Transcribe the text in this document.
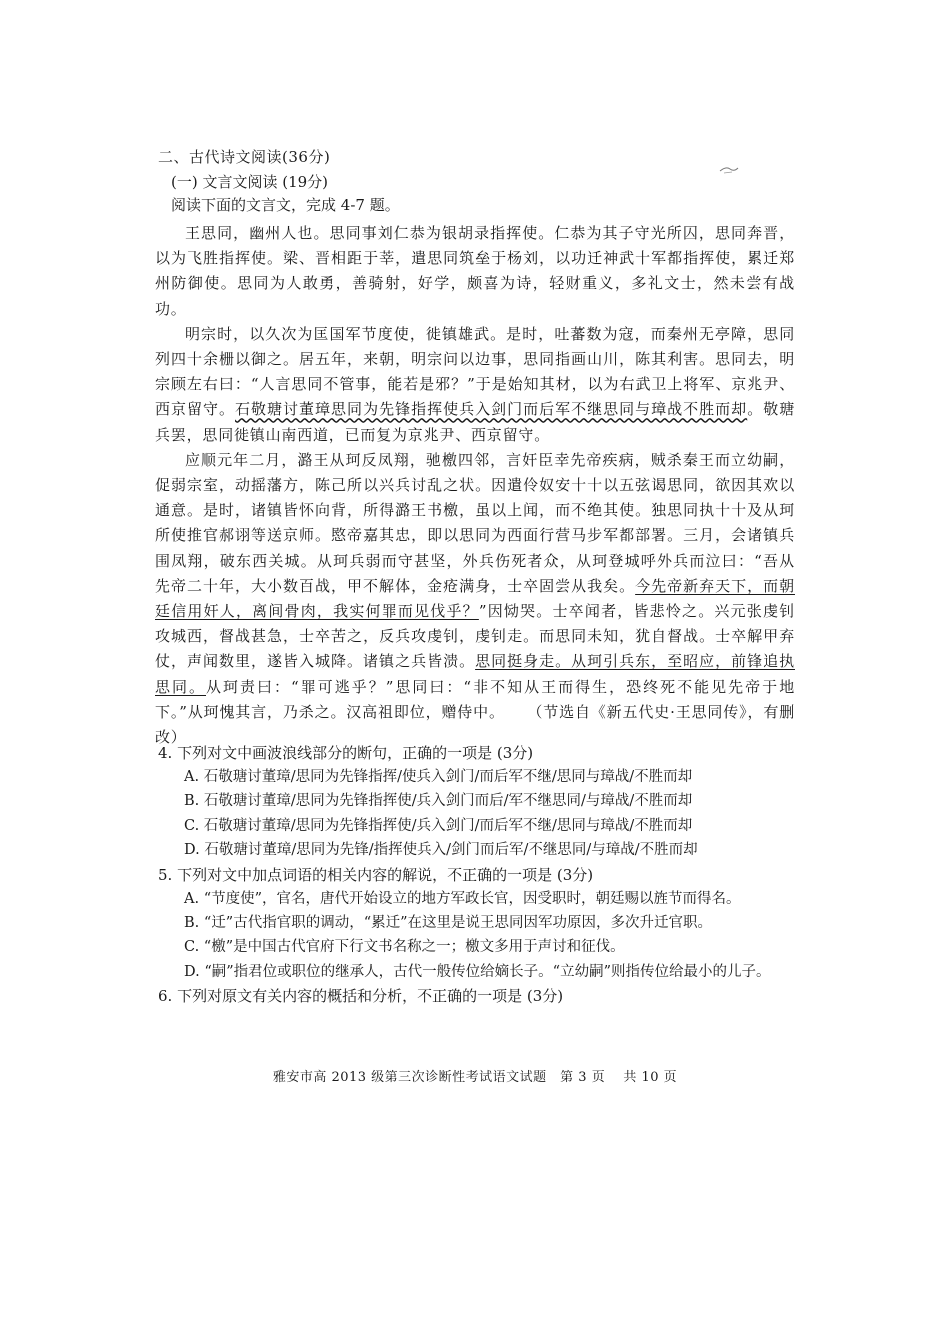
二、古代诗文阅读(36分)
(一) 文言文阅读 (19分)
阅读下面的文言文，完成 4-7 题。

王思同，幽州人也。思同事刘仁恭为银胡录指挥使。仁恭为其子守光所囚，思同奔晋，以为飞胜指挥使。梁、晋相距于莘，遣思同筑垒于杨刘，以功迁神武十军都指挥使，累迁郑州防御使。思同为人敢勇，善骑射，好学，颇喜为诗，轻财重义，多礼文士，然未尝有战功。

明宗时，以久次为匡国军节度使，徙镇雄武。是时，吐蕃数为寇，而秦州无亭障，思同列四十余栅以御之。居五年，来朝，明宗问以边事，思同指画山川，陈其利害。思同去，明宗顾左右曰：“人言思同不管事，能若是邪？”于是始知其材，以为右武卫上将军、京兆尹、西京留守。石敬瑭讨董璋思同为先锋指挥使兵入剑门而后军不继思同与璋战不胜而却。敬瑭兵罢，思同徙镇山南西道，已而复为京兆尹、西京留守。

应顺元年二月，潞王从珂反凤翔，驰檄四邻，言奸臣幸先帝疾病，贼杀秦王而立幼嗣，促弱宗室，动摇藩方，陈己所以兴兵讨乱之状。因遣伶奴安十十以五弦谒思同，欲因其欢以通意。是时，诸镇皆怀向背，所得潞王书檄，虽以上闻，而不绝其使。独思同执十十及从珂所使推官郝诩等送京师。愍帝嘉其忠，即以思同为西面行营马步军都部署。三月，会诸镇兵围凤翔，破东西关城。从珂兵弱而守甚坚，外兵伤死者众，从珂登城呼外兵而泣曰：“吾从先帝二十年，大小数百战，甲不解体，金疮满身，士卒固尝从我矣。今先帝新弃天下，而朝廷信用奸人，离间骨肉，我实何罪而见伐乎？”因恸哭。士卒闻者，皆悲怜之。兴元张虔钊攻城西，督战甚急，士卒苦之，反兵攻虔钊，虔钊走。而思同未知，犹自督战。士卒解甲弃仗，声闻数里，遂皆入城降。诸镇之兵皆溃。思同挺身走。从珂引兵东，至昭应，前锋追执思同。从珂责曰：“罪可逃乎？”思同曰：“非不知从王而得生，恐终死不能见先帝于地下。”从珂愧其言，乃杀之。汉高祖即位，赠侍中。 （节选自《新五代史·王思同传》，有删改）

4. 下列对文中画波浪线部分的断句，正确的一项是 (3分)

A. 石敬瑭讨董璋/思同为先锋指挥/使兵入剑门/而后军不继/思同与璋战/不胜而却

B. 石敬瑭讨董璋/思同为先锋指挥使/兵入剑门而后/军不继思同/与璋战/不胜而却

C. 石敬瑭讨董璋/思同为先锋指挥使/兵入剑门/而后军不继/思同与璋战/不胜而却

D. 石敬瑭讨董璋/思同为先锋/指挥使兵入/剑门而后军/不继思同/与璋战/不胜而却

5. 下列对文中加点词语的相关内容的解说，不正确的一项是 (3分)

A. “节度使”，官名，唐代开始设立的地方军政长官，因受职时，朝廷赐以旌节而得名。

B. “迁”古代指官职的调动，“累迁”在这里是说王思同因军功原因，多次升迁官职。

C. “檄”是中国古代官府下行文书名称之一；檄文多用于声讨和征伐。

D. “嗣”指君位或职位的继承人，古代一般传位给嫡长子。“立幼嗣”则指传位给最小的儿子。

6. 下列对原文有关内容的概括和分析，不正确的一项是 (3分)

雅安市高 2013 级第三次诊断性考试语文试题　第 3 页　 共 10 页
